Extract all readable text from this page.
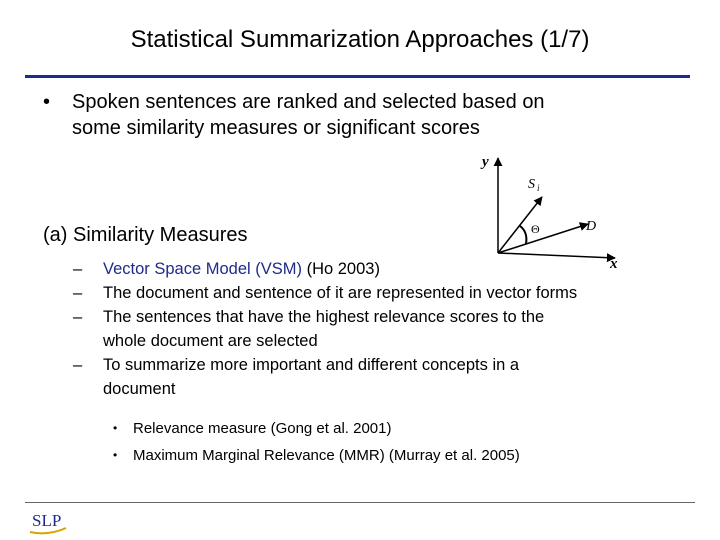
Statistical Summarization Approaches (1/7)
• Spoken sentences are ranked and selected based on
some similarity measures or significant scores
y
x
S i
D
Θ
(a) Similarity Measures
– Vector Space Model (VSM) (Ho 2003)
– The document and sentence of it are represented in vector forms
– The sentences that have the highest relevance scores to the
whole document are selected
– To summarize more important and different concepts in a
document
• Relevance measure (Gong et al. 2001)
• Maximum Marginal Relevance (MMR) (Murray et al. 2005)
SLP
